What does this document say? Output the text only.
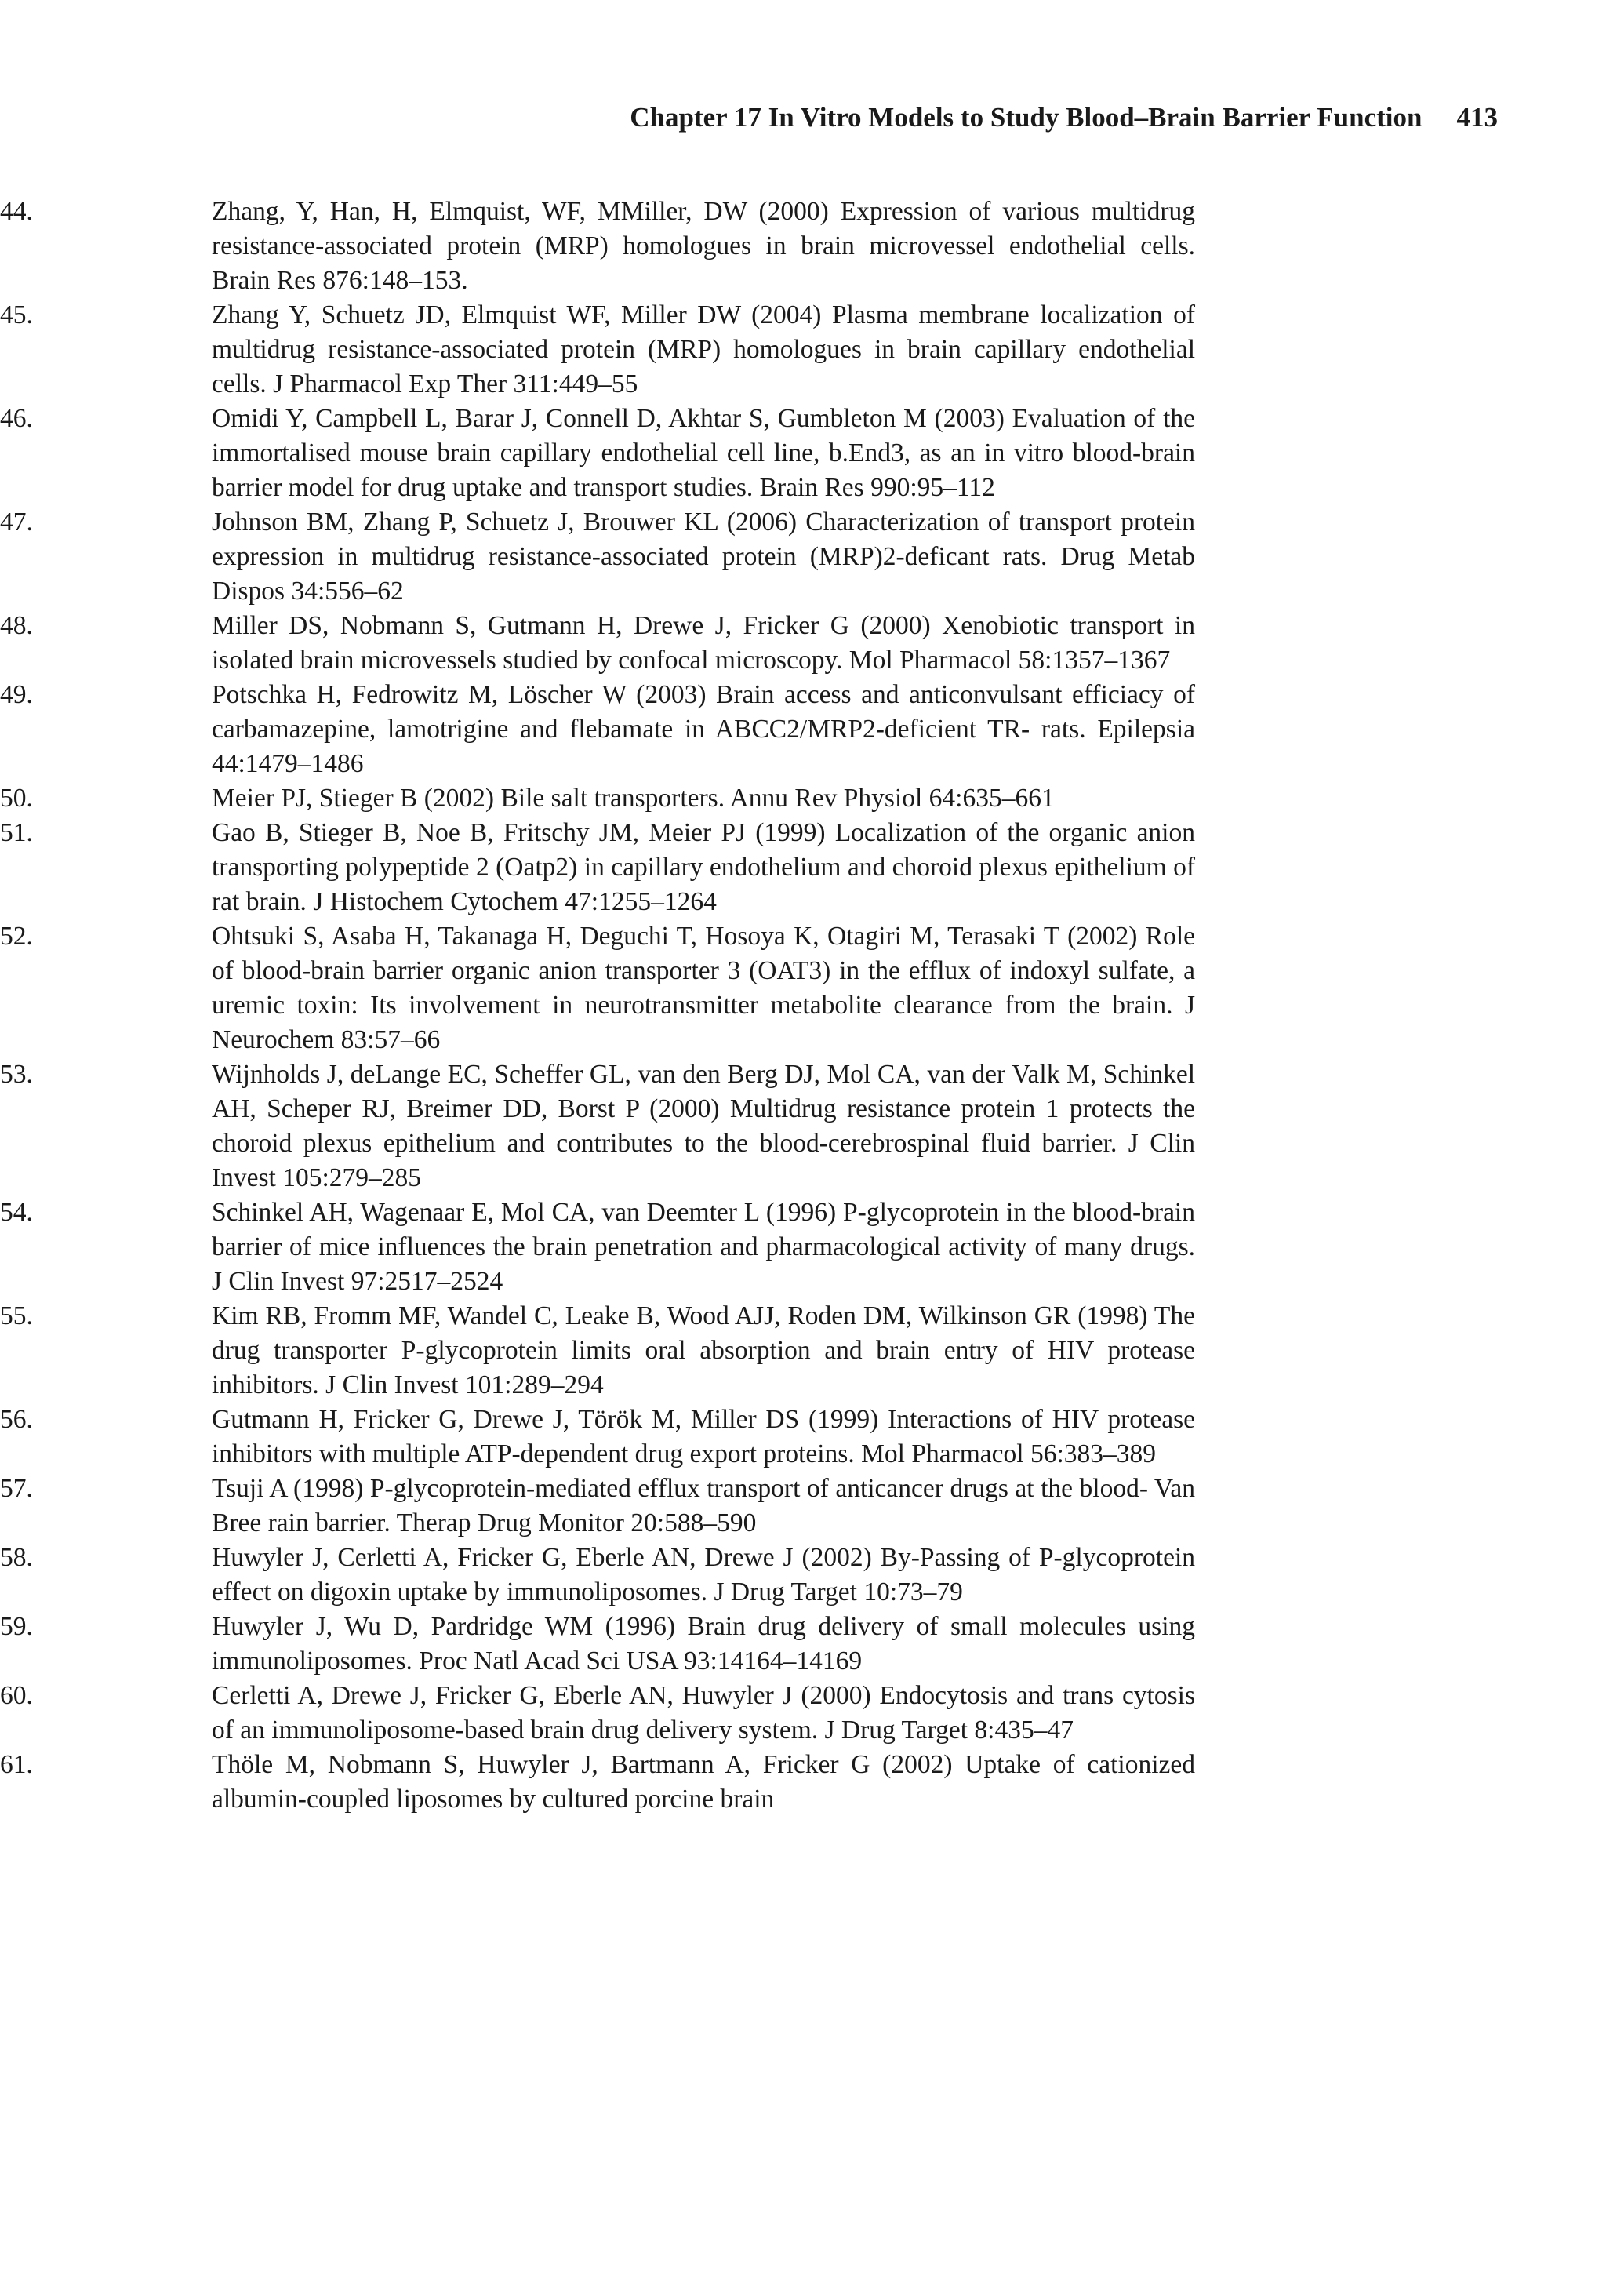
Chapter 17 In Vitro Models to Study Blood–Brain Barrier Function 413
44.	Zhang, Y, Han, H, Elmquist, WF, MMiller, DW (2000) Expression of various multidrug resistance-associated protein (MRP) homologues in brain microvessel endothelial cells. Brain Res 876:148–153.
45.	Zhang Y, Schuetz JD, Elmquist WF, Miller DW (2004) Plasma membrane localization of multidrug resistance-associated protein (MRP) homologues in brain capillary endothelial cells. J Pharmacol Exp Ther 311:449–55
46.	Omidi Y, Campbell L, Barar J, Connell D, Akhtar S, Gumbleton M (2003) Evaluation of the immortalised mouse brain capillary endothelial cell line, b.End3, as an in vitro blood-brain barrier model for drug uptake and transport studies. Brain Res 990:95–112
47.	Johnson BM, Zhang P, Schuetz J, Brouwer KL (2006) Characterization of transport protein expression in multidrug resistance-associated protein (MRP)2-deficant rats. Drug Metab Dispos 34:556–62
48.	Miller DS, Nobmann S, Gutmann H, Drewe J, Fricker G (2000) Xenobiotic transport in isolated brain microvessels studied by confocal microscopy. Mol Pharmacol 58:1357–1367
49.	Potschka H, Fedrowitz M, Löscher W (2003) Brain access and anticonvulsant efficiacy of carbamazepine, lamotrigine and flebamate in ABCC2/MRP2-deficient TR- rats. Epilepsia 44:1479–1486
50.	Meier PJ, Stieger B (2002) Bile salt transporters. Annu Rev Physiol 64:635–661
51.	Gao B, Stieger B, Noe B, Fritschy JM, Meier PJ (1999) Localization of the organic anion transporting polypeptide 2 (Oatp2) in capillary endothelium and choroid plexus epithelium of rat brain. J Histochem Cytochem 47:1255–1264
52.	Ohtsuki S, Asaba H, Takanaga H, Deguchi T, Hosoya K, Otagiri M, Terasaki T (2002) Role of blood-brain barrier organic anion transporter 3 (OAT3) in the efflux of indoxyl sulfate, a uremic toxin: Its involvement in neurotransmitter metabolite clearance from the brain. J Neurochem 83:57–66
53.	Wijnholds J, deLange EC, Scheffer GL, van den Berg DJ, Mol CA, van der Valk M, Schinkel AH, Scheper RJ, Breimer DD, Borst P (2000) Multidrug resistance protein 1 protects the choroid plexus epithelium and contributes to the blood-cerebrospinal fluid barrier. J Clin Invest 105:279–285
54.	Schinkel AH, Wagenaar E, Mol CA, van Deemter L (1996) P-glycoprotein in the blood-brain barrier of mice influences the brain penetration and pharmacological activity of many drugs. J Clin Invest 97:2517–2524
55.	Kim RB, Fromm MF, Wandel C, Leake B, Wood AJJ, Roden DM, Wilkinson GR (1998) The drug transporter P-glycoprotein limits oral absorption and brain entry of HIV protease inhibitors. J Clin Invest 101:289–294
56.	Gutmann H, Fricker G, Drewe J, Török M, Miller DS (1999) Interactions of HIV protease inhibitors with multiple ATP-dependent drug export proteins. Mol Pharmacol 56:383–389
57.	Tsuji A (1998) P-glycoprotein-mediated efflux transport of anticancer drugs at the blood- Van Bree rain barrier. Therap Drug Monitor 20:588–590
58.	Huwyler J, Cerletti A, Fricker G, Eberle AN, Drewe J (2002) By-Passing of P-glycoprotein effect on digoxin uptake by immunoliposomes. J Drug Target 10:73–79
59.	Huwyler J, Wu D, Pardridge WM (1996) Brain drug delivery of small molecules using immunoliposomes. Proc Natl Acad Sci USA 93:14164–14169
60.	Cerletti A, Drewe J, Fricker G, Eberle AN, Huwyler J (2000) Endocytosis and trans cytosis of an immunoliposome-based brain drug delivery system. J Drug Target 8:435–47
61.	Thöle M, Nobmann S, Huwyler J, Bartmann A, Fricker G (2002) Uptake of cationized albumin-coupled liposomes by cultured porcine brain
